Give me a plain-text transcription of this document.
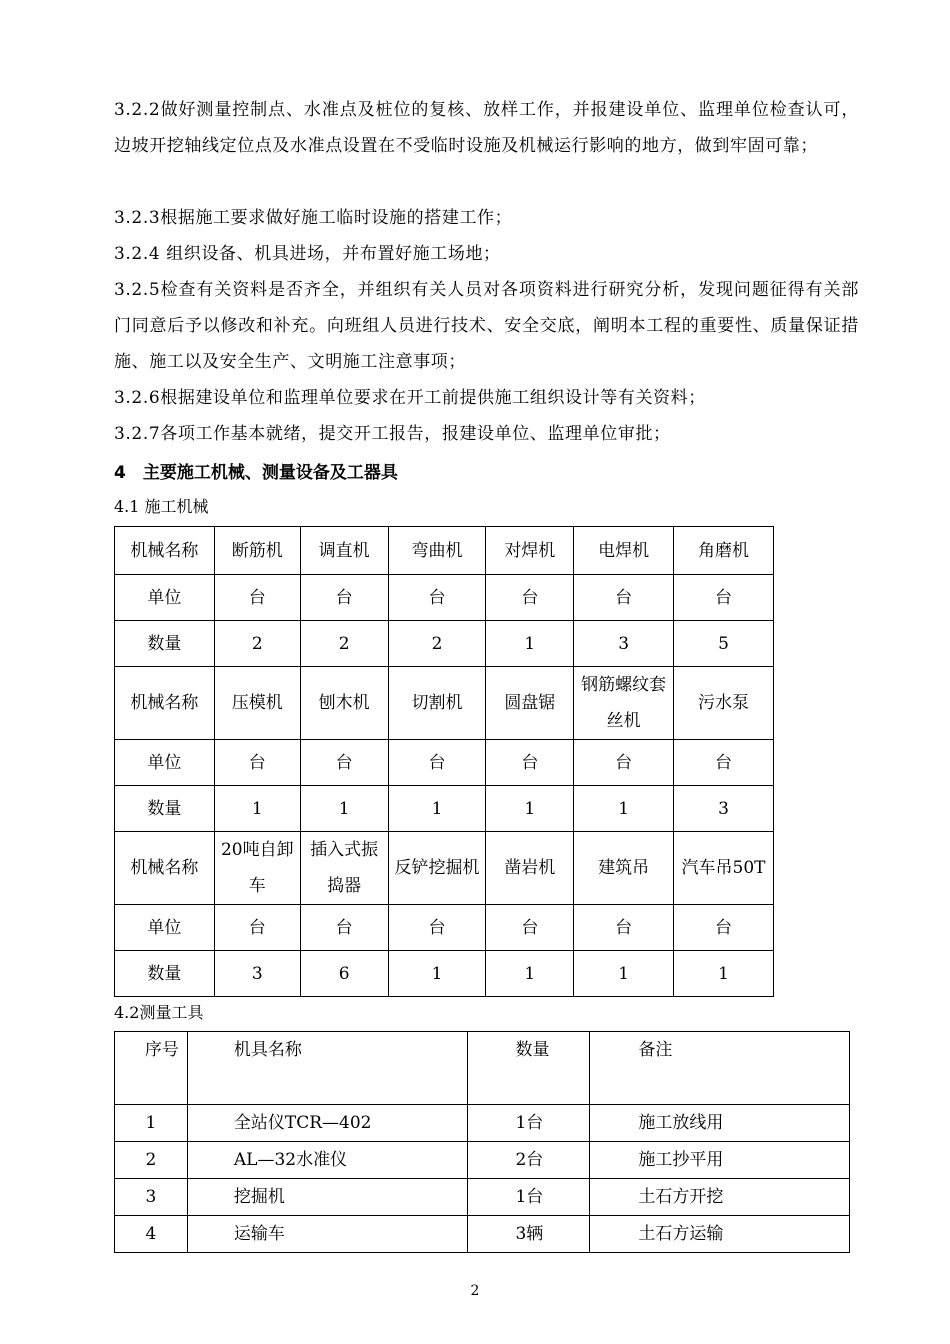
3.2.2做好测量控制点、水准点及桩位的复核、放样工作，并报建设单位、监理单位检查认可，边坡开挖轴线定位点及水准点设置在不受临时设施及机械运行影响的地方，做到牢固可靠；

3.2.3根据施工要求做好施工临时设施的搭建工作；

3.2.4 组织设备、机具进场，并布置好施工场地；

3.2.5检查有关资料是否齐全，并组织有关人员对各项资料进行研究分析，发现问题征得有关部门同意后予以修改和补充。向班组人员进行技术、安全交底，阐明本工程的重要性、质量保证措施、施工以及安全生产、文明施工注意事项；

3.2.6根据建设单位和监理单位要求在开工前提供施工组织设计等有关资料；

3.2.7各项工作基本就绪，提交开工报告，报建设单位、监理单位审批；

4　主要施工机械、测量设备及工器具

4.1 施工机械

机械名称	断筋机	调直机	弯曲机	对焊机	电焊机	角磨机
单位	台	台	台	台	台	台
数量	2	2	2	1	3	5
机械名称	压模机	刨木机	切割机	圆盘锯	钢筋螺纹套丝机	污水泵
单位	台	台	台	台	台	台
数量	1	1	1	1	1	3
机械名称	20吨自卸车	插入式振捣器	反铲挖掘机	凿岩机	建筑吊	汽车吊50T
单位	台	台	台	台	台	台
数量	3	6	1	1	1	1

4.2测量工具

序号	机具名称	数量	备注
1	全站仪TCR—402	1台	施工放线用
2	AL—32水准仪	2台	施工抄平用
3	挖掘机	1台	土石方开挖
4	运输车	3辆	土石方运输
2
